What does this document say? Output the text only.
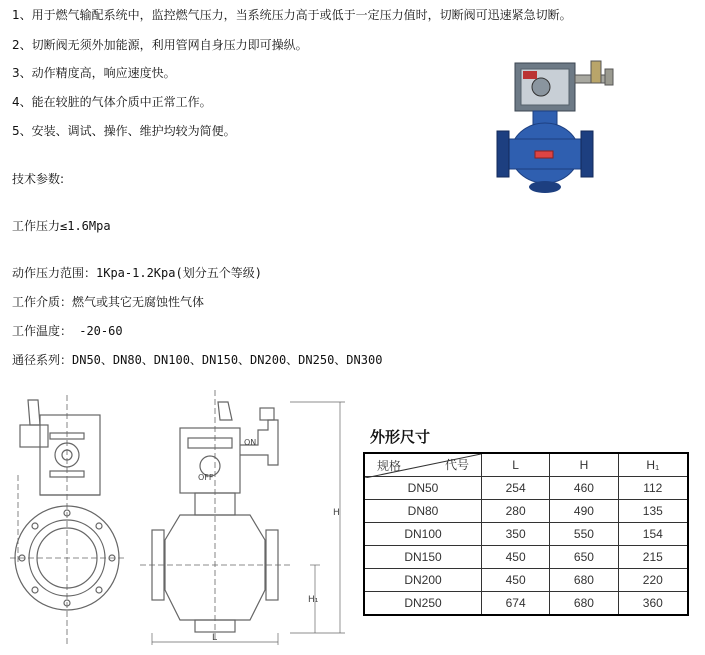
1、用于燃气输配系统中，监控燃气压力，当系统压力高于或低于一定压力值时，切断阀可迅速紧急切断。
2、切断阀无须外加能源，利用管网自身压力即可操纵。
3、动作精度高，响应速度快。
4、能在较脏的气体介质中正常工作。
5、安装、调试、操作、维护均较为简便。
技术参数:
工作压力≤1.6Mpa
动作压力范围：1Kpa-1.2Kpa(划分五个等级)
工作介质：燃气或其它无腐蚀性气体
工作温度： -20-60
通径系列：DN50、DN80、DN100、DN150、DN200、DN250、DN300
ON
OFF
H
H₁
L
外形尺寸
代号
规格	L	H	H₁
DN50	254	460	112
DN80	280	490	135
DN100	350	550	154
DN150	450	650	215
DN200	450	680	220
DN250	674	680	360
